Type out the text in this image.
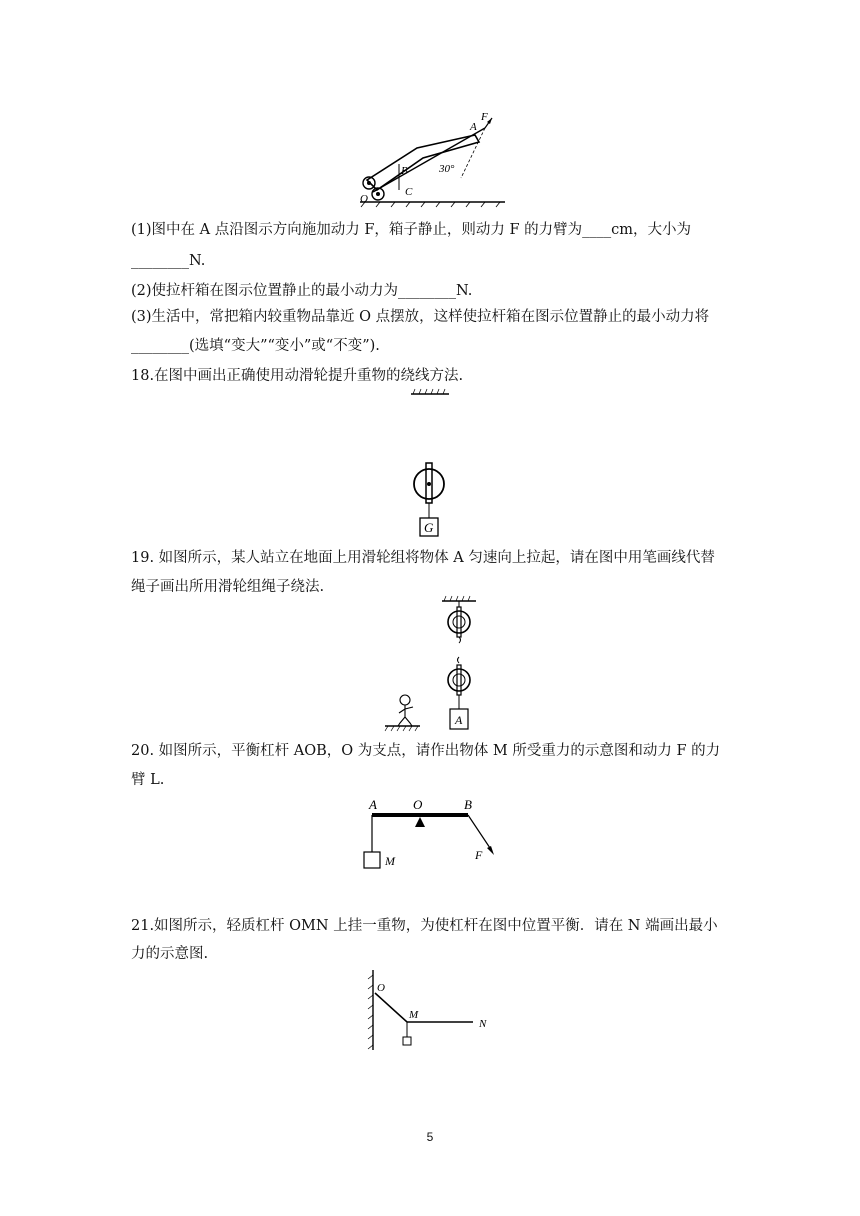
B
C
O
A
F
30°
(1)图中在 A 点沿图示方向施加动力 F，箱子静止，则动力 F 的力臂为____cm，大小为
________N.
(2)使拉杆箱在图示位置静止的最小动力为________N.
(3)生活中，常把箱内较重物品靠近 O 点摆放，这样使拉杆箱在图示位置静止的最小动力将
________(选填“变大”“变小”或“不变”).
18.在图中画出正确使用动滑轮提升重物的绕线方法.
G
19. 如图所示，某人站立在地面上用滑轮组将物体 A 匀速向上拉起，请在图中用笔画线代替
绳子画出所用滑轮组绳子绕法.
A
20. 如图所示，平衡杠杆 AOB，O 为支点，请作出物体 M 所受重力的示意图和动力 F 的力
臂 L.
A	O	B
M	F
21.如图所示，轻质杠杆 OMN 上挂一重物，为使杠杆在图中位置平衡．请在 N 端画出最小
力的示意图.
O
M
N
5
